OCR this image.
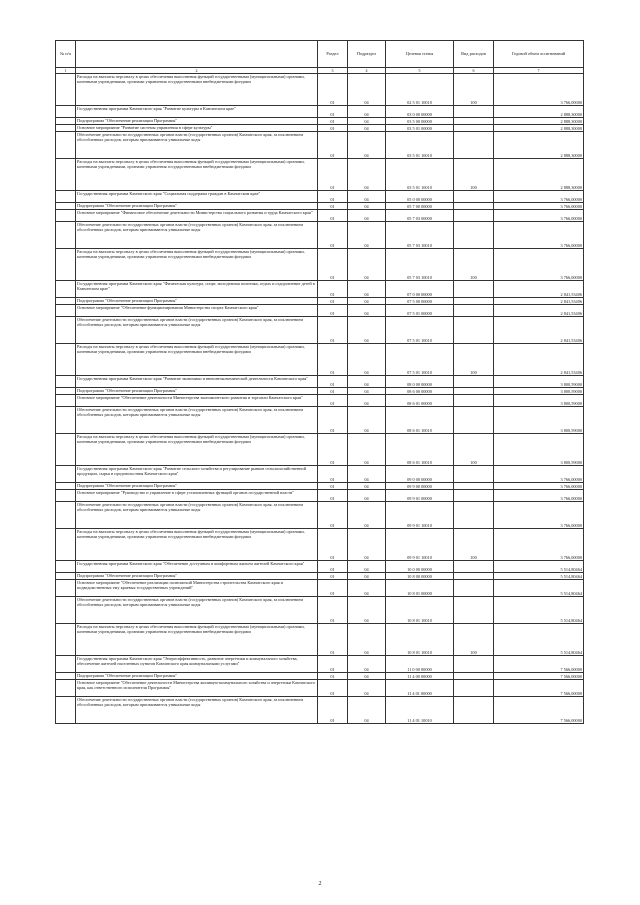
№ п/п		Раздел	Подраздел	Целевая статья	Вид расходов	Годовой объем ассигнований
1	2	3	4	5	6	7
	Расходы на выплаты персоналу в целях обеспечения выполнения функций государственными (муниципальными) органами, казенными учреждениями, органами управления государственными внебюджетными фондами	01	04	02 5 01 10010	100	3 766,00000
	Государственная программа Камчатского края "Развитие культуры в Камчатском крае"	01	04	03 0 00 00000		2 888,30000
	Подпрограмма "Обеспечение реализации Программы"	01	04	03 5 00 00000		2 888,30000
	Основное мероприятие "Развитие системы управления в сфере культуры"	01	04	03 5 01 00000		2 888,30000
	Обеспечение деятельности государственных органов власти (государственных органов) Камчатского края, за исключением обособленных расходов, которым присваиваются уникальные коды	01	04	03 5 01 10010		2 888,30000
	Расходы на выплаты персоналу в целях обеспечения выполнения функций государственными (муниципальными) органами, казенными учреждениями, органами управления государственными внебюджетными фондами	01	04	03 5 01 10010	100	2 888,30000
	Государственная программа Камчатского края "Социальная поддержка граждан в Камчатском крае"	01	04	05 0 00 00000		3 766,00000
	Подпрограмма "Обеспечение реализации Программы"	01	04	05 7 00 00000		3 766,00000
	Основное мероприятие "Финансовое обеспечение деятельности Министерства социального развития и труда Камчатского края"	01	04	05 7 03 00000		3 766,00000
	Обеспечение деятельности государственных органов власти (государственных органов) Камчатского края, за исключением обособленных расходов, которым присваиваются уникальные коды	01	04	05 7 03 10010		3 766,00000
	Расходы на выплаты персоналу в целях обеспечения выполнения функций государственными (муниципальными) органами, казенными учреждениями, органами управления государственными внебюджетными фондами	01	04	05 7 03 10010	100	3 766,00000
	Государственная программа Камчатского края "Физическая культура, спорт, молодежная политика, отдых и оздоровление детей в Камчатском крае"	01	04	07 0 00 00000		2 841,53406
	Подпрограмма "Обеспечение реализации Программы"	01	04	07 5 00 00000		2 841,53406
	Основное мероприятие "Обеспечение функционирования Министерства спорта Камчатского края"	01	04	07 5 01 00000		2 841,53406
	Обеспечение деятельности государственных органов власти (государственных органов) Камчатского края, за исключением обособленных расходов, которым присваиваются уникальные коды	01	04	07 5 01 10010		2 841,53406
	Расходы на выплаты персоналу в целях обеспечения выполнения функций государственными (муниципальными) органами, казенными учреждениями, органами управления государственными внебюджетными фондами	01	04	07 5 01 10010	100	2 841,53406
	Государственная программа Камчатского края "Развитие экономики и внешнеэкономической деятельности Камчатского края"	01	04	08 0 00 00000		3 800,59000
	Подпрограмма "Обеспечение реализации Программы"	01	04	08 6 00 00000		3 800,59000
	Основное мероприятие "Обеспечение деятельности Министерства экономического развития и торговли Камчатского края"	01	04	08 6 01 00000		3 800,59000
	Обеспечение деятельности государственных органов власти (государственных органов) Камчатского края, за исключением обособленных расходов, которым присваиваются уникальные коды	01	04	08 6 01 10010		3 800,59000
	Расходы на выплаты персоналу в целях обеспечения выполнения функций государственными (муниципальными) органами, казенными учреждениями, органами управления государственными внебюджетными фондами	01	04	08 6 01 10010	100	3 800,59000
	Государственная программа Камчатского края "Развитие сельского хозяйства и регулирование рынков сельскохозяйственной продукции, сырья и продовольствия Камчатского края"	01	04	09 0 00 00000		3 766,00000
	Подпрограмма "Обеспечение реализации Программы"	01	04	09 9 00 00000		3 766,00000
	Основное мероприятие "Руководство и управление в сфере установленных функций органов государственной власти"	01	04	09 9 01 00000		3 766,00000
	Обеспечение деятельности государственных органов власти (государственных органов) Камчатского края, за исключением обособленных расходов, которым присваиваются уникальные коды	01	04	09 9 01 10010		3 766,00000
	Расходы на выплаты персоналу в целях обеспечения выполнения функций государственными (муниципальными) органами, казенными учреждениями, органами управления государственными внебюджетными фондами	01	04	09 9 01 10010	100	3 766,00000
	Государственная программа Камчатского края "Обеспечение доступным и комфортным жильем жителей Камчатского края"	01	04	10 0 00 00000		5 514,80464
	Подпрограмма "Обеспечение реализации Программы"	01	04	10 8 00 00000		5 514,80464
	Основное мероприятие "Обеспечение реализации полномочий Министерства строительства Камчатского края и подведомственных ему краевых государственных учреждений"	01	04	10 8 01 00000		5 514,80464
	Обеспечение деятельности государственных органов власти (государственных органов) Камчатского края, за исключением обособленных расходов, которым присваиваются уникальные коды	01	04	10 8 01 10010		5 514,80464
	Расходы на выплаты персоналу в целях обеспечения выполнения функций государственными (муниципальными) органами, казенными учреждениями, органами управления государственными внебюджетными фондами	01	04	10 8 01 10010	100	5 514,80464
	Государственная программа Камчатского края "Энергоэффективность, развитие энергетики и коммунального хозяйства, обеспечение жителей населенных пунктов Камчатского края коммунальными услугами"	01	04	11 0 00 00000		7 566,00000
	Подпрограмма "Обеспечение реализации Программы"	01	04	11 4 00 00000		7 566,00000
	Основное мероприятие "Обеспечение деятельности Министерства жилищно-коммунального хозяйства и энергетики Камчатского края, как ответственного исполнителя Программы"	01	04	11 4 01 00000		7 566,00000
	Обеспечение деятельности государственных органов власти (государственных органов) Камчатского края, за исключением обособленных расходов, которым присваиваются уникальные коды	01	04	11 4 01 10010		7 566,00000
2
